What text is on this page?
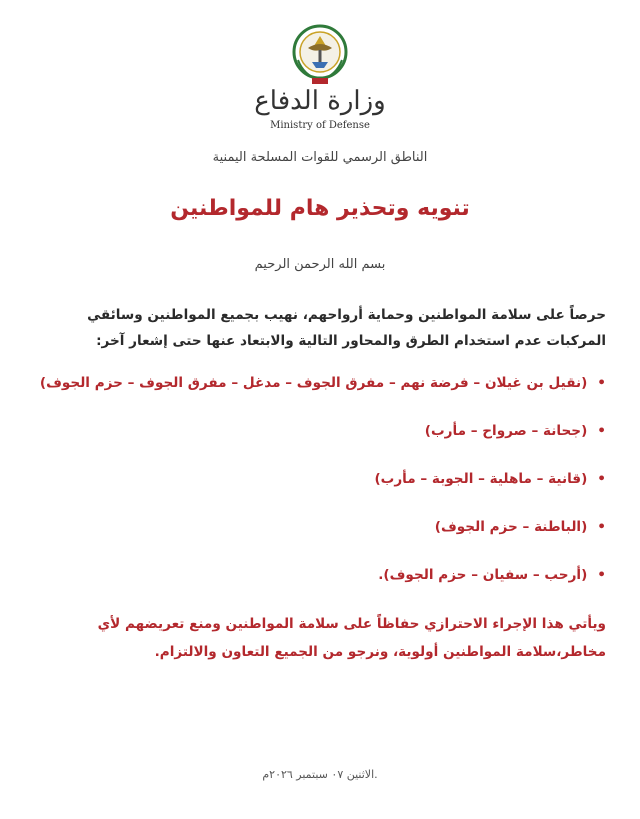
وزارة الدفاع
Ministry of Defense
الناطق الرسمي للقوات المسلحة اليمنية
تنويه وتحذير هام للمواطنين
بسم الله الرحمن الرحيم
حرصاً على سلامة المواطنين وحماية أرواحهم، نهيب بجميع المواطنين وسائقي المركبات عدم استخدام الطرق والمحاور التالية والابتعاد عنها حتى إشعار آخر:
•(نقيل بن غيلان – فرضة نهم – مفرق الجوف – مدغل – مفرق الجوف – حزم الجوف)
•(جحانة – صرواح – مأرب)
•(قانية – ماهلية – الجوبة – مأرب)
•(الباطنة – حزم الجوف)
•(أرحب – سفيان – حزم الجوف).
ويأتي هذا الإجراء الاحترازي حفاظاً على سلامة المواطنين ومنع تعريضهم لأي مخاطر،سلامة المواطنين أولوية، ونرجو من الجميع التعاون والالتزام.
الاثنين ٠٧ سبتمبر ٢٠٢٦م.
